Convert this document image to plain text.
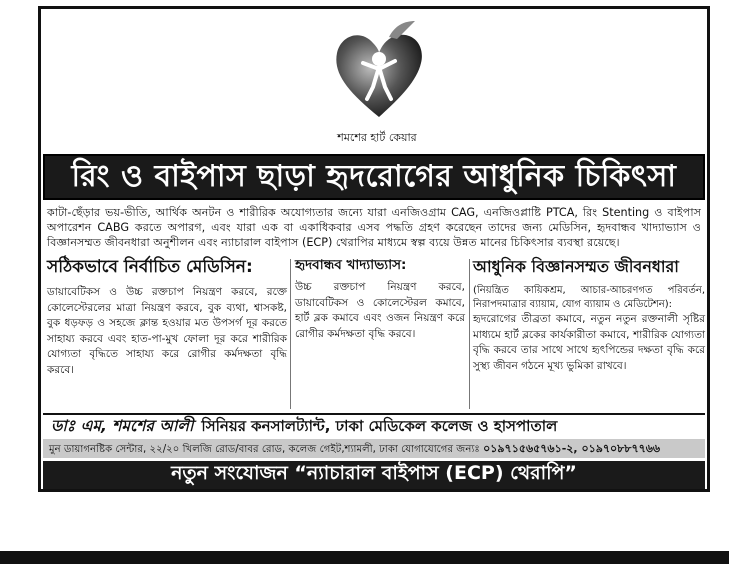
শমশের হার্ট কেয়ার
রিং ও বাইপাস ছাড়া হৃদরোগের আধুনিক চিকিৎসা
কাটা-ছেঁড়ার ভয়-ভীতি, আর্থিক অনটন ও শারীরিক অযোগ্যতার জন্যে যারা এনজিওগ্রাম CAG, এনজিওপ্লাষ্টি PTCA, রিং Stenting ও বাইপাস অপারেশন CABG করতে অপারগ, এবং যারা এক বা একাধিকবার এসব পদ্ধতি গ্রহণ করেছেন তাদের জন্য মেডিসিন, হৃদবান্ধব খাদ্যাভ্যাস ও বিজ্ঞানসম্মত জীবনধারা অনুশীলন এবং ন্যাচারাল বাইপাস (ECP) থেরাপির মাধ্যমে স্বল্প ব্যয়ে উন্নত মানের চিকিৎসার ব্যবস্থা রয়েছে।
সঠিকভাবে নির্বাচিত মেডিসিন:

ডায়াবেটিকস ও উচ্চ রক্তচাপ নিয়ন্ত্রণ করবে, রক্তে কোলেস্টেরলের মাত্রা নিয়ন্ত্রণ করবে, বুক ব্যথা, শ্বাসকষ্ট, বুক ধড়ফড় ও সহজে ক্লান্ত হওয়ার মত উপসর্গ দূর করতে সাহায্য করবে এবং হাত-পা-মুখ ফোলা দূর করে শারীরিক যোগ্যতা বৃদ্ধিতে সাহায্য করে রোগীর কর্মদক্ষতা বৃদ্ধি করবে।

হৃদবান্ধব খাদ্যাভ্যাস:

উচ্চ রক্তচাপ নিয়ন্ত্রণ করবে, ডায়াবেটিকস ও কোলেস্টেরল কমাবে, হার্ট ব্লক কমাবে এবং ওজন নিয়ন্ত্রণ করে রোগীর কর্মদক্ষতা বৃদ্ধি করবে।

আধুনিক বিজ্ঞানসম্মত জীবনধারা

(নিয়ন্ত্রিত কায়িকশ্রম, আচার-আচরণগত পরিবর্তন, নিরাপদমাত্রার ব্যায়াম, যোগ ব্যায়াম ও মেডিটেশন):

হৃদরোগের তীব্রতা কমাবে, নতুন নতুন রক্তনালী সৃষ্টির মাধ্যমে হার্ট ব্লকের কার্যকারীতা কমাবে, শারীরিক যোগ্যতা বৃদ্ধি করবে তার সাথে সাথে হৃৎপিন্ডের দক্ষতা বৃদ্ধি করে সুস্থ্য জীবন গঠনে মূখ্য ভুমিকা রাখবে।

ডাঃ এম, শমশের আলী সিনিয়র কনসালট্যান্ট, ঢাকা মেডিকেল কলেজ ও হাসপাতাল
মুন ডায়াগনষ্টিক সেন্টার, ২২/২০ খিলজি রোড/বাবর রোড, কলেজ গেইট,শ্যামলী, ঢাকা যোগাযোগের জন্যঃ ০১৯৭১৫৬৫৭৬১-২, ০১৯৭০৮৮৭৭৬৬
নতুন সংযোজন “ন্যাচারাল বাইপাস (ECP) থেরাপি”
